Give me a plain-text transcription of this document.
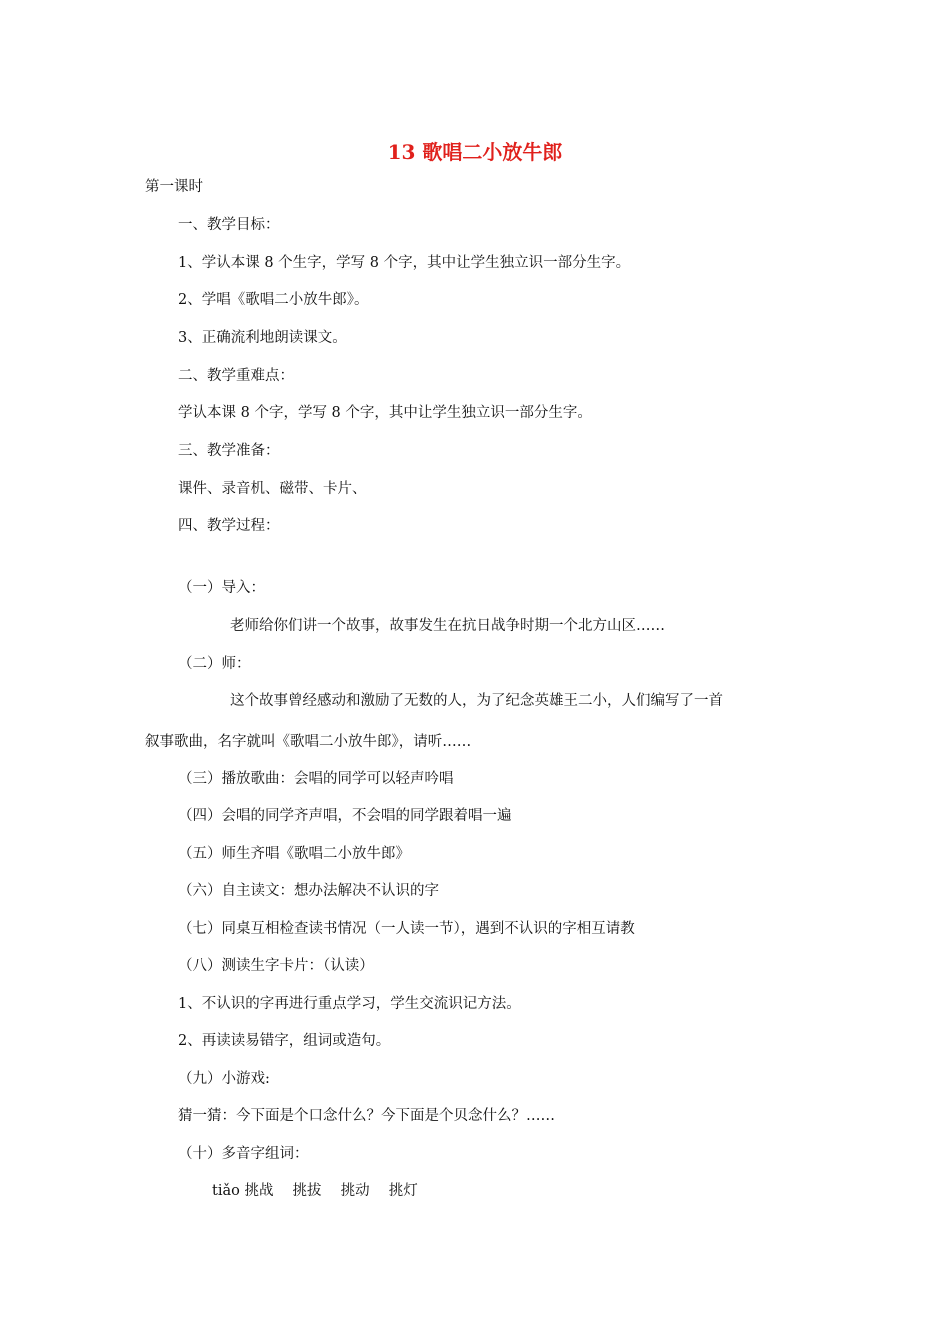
13 歌唱二小放牛郎
第一课时
一、教学目标：
1、学认本课 8 个生字，学写 8 个字，其中让学生独立识一部分生字。
2、学唱《歌唱二小放牛郎》。
3、正确流利地朗读课文。
二、教学重难点：
学认本课 8 个字，学写 8 个字，其中让学生独立识一部分生字。
三、教学准备：
课件、录音机、磁带、卡片、
四、教学过程：
（一）导入：
老师给你们讲一个故事，故事发生在抗日战争时期一个北方山区……
（二）师：
这个故事曾经感动和激励了无数的人，为了纪念英雄王二小，人们编写了一首
叙事歌曲，名字就叫《歌唱二小放牛郎》，请听……
（三）播放歌曲：会唱的同学可以轻声吟唱
（四）会唱的同学齐声唱，不会唱的同学跟着唱一遍
（五）师生齐唱《歌唱二小放牛郎》
（六）自主读文：想办法解决不认识的字
（七）同桌互相检查读书情况（一人读一节），遇到不认识的字相互请教
（八）测读生字卡片：（认读）
1、不认识的字再进行重点学习，学生交流识记方法。
2、再读读易错字，组词或造句。
（九）小游戏:
猜一猜：今下面是个口念什么？今下面是个贝念什么？……
（十）多音字组词：
tiǎo 挑战　 挑拔　 挑动　 挑灯
